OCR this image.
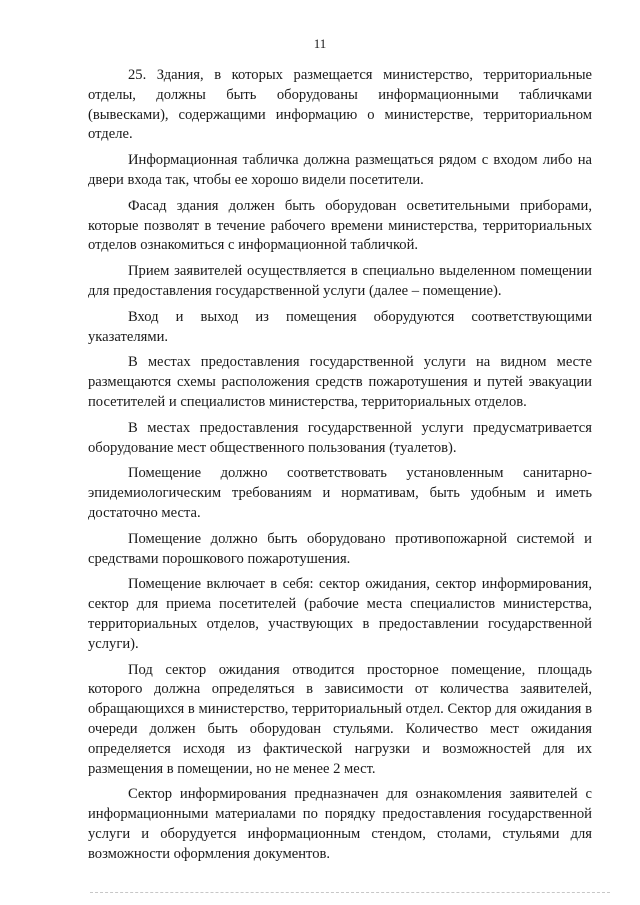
11

25. Здания, в которых размещается министерство, территориальные отделы, должны быть оборудованы информационными табличками (вывесками), содержащими информацию о министерстве, территориальном отделе.

Информационная табличка должна размещаться рядом с входом либо на двери входа так, чтобы ее хорошо видели посетители.

Фасад здания должен быть оборудован осветительными приборами, которые позволят в течение рабочего времени министерства, территориальных отделов ознакомиться с информационной табличкой.

Прием заявителей осуществляется в специально выделенном помещении для предоставления государственной услуги (далее – помещение).

Вход и выход из помещения оборудуются соответствующими указателями.

В местах предоставления государственной услуги на видном месте размещаются схемы расположения средств пожаротушения и путей эвакуации посетителей и специалистов министерства, территориальных отделов.

В местах предоставления государственной услуги предусматривается оборудование мест общественного пользования (туалетов).

Помещение должно соответствовать установленным санитарно-эпидемиологическим требованиям и нормативам, быть удобным и иметь достаточно места.

Помещение должно быть оборудовано противопожарной системой и средствами порошкового пожаротушения.

Помещение включает в себя: сектор ожидания, сектор информирования, сектор для приема посетителей (рабочие места специалистов министерства, территориальных отделов, участвующих в предоставлении государственной услуги).

Под сектор ожидания отводится просторное помещение, площадь которого должна определяться в зависимости от количества заявителей, обращающихся в министерство, территориальный отдел. Сектор для ожидания в очереди должен быть оборудован стульями. Количество мест ожидания определяется исходя из фактической нагрузки и возможностей для их размещения в помещении, но не менее 2 мест.

Сектор информирования предназначен для ознакомления заявителей с информационными материалами по порядку предоставления государственной услуги и оборудуется информационным стендом, столами, стульями для возможности оформления документов.
